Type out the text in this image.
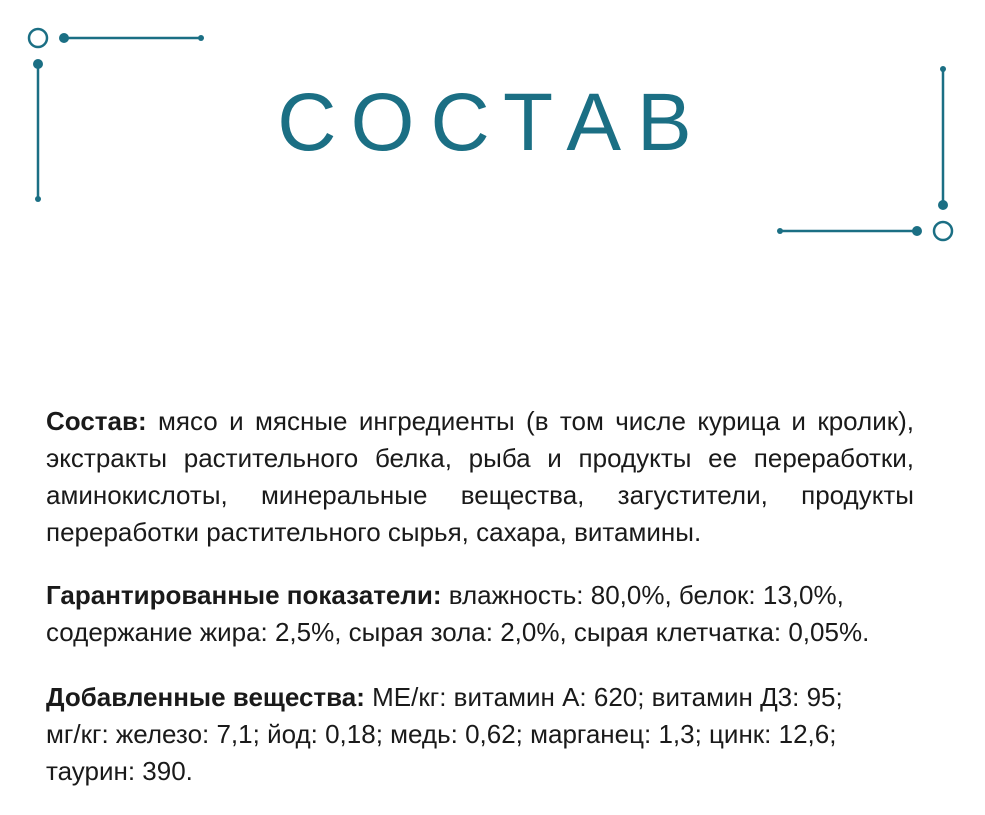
СОСТАВ
Состав: мясо и мясные ингредиенты (в том числе курица и кролик),
экстракты растительного белка, рыба и продукты ее переработки,
аминокислоты, минеральные вещества, загустители, продукты
переработки растительного сырья, сахара, витамины.
Гарантированные показатели: влажность: 80,0%, белок: 13,0%,
содержание жира: 2,5%, сырая зола: 2,0%, сырая клетчатка: 0,05%.
Добавленные вещества: МЕ/кг: витамин А: 620; витамин Д3: 95;
мг/кг: железо: 7,1; йод: 0,18; медь: 0,62; марганец: 1,3; цинк: 12,6;
таурин: 390.
